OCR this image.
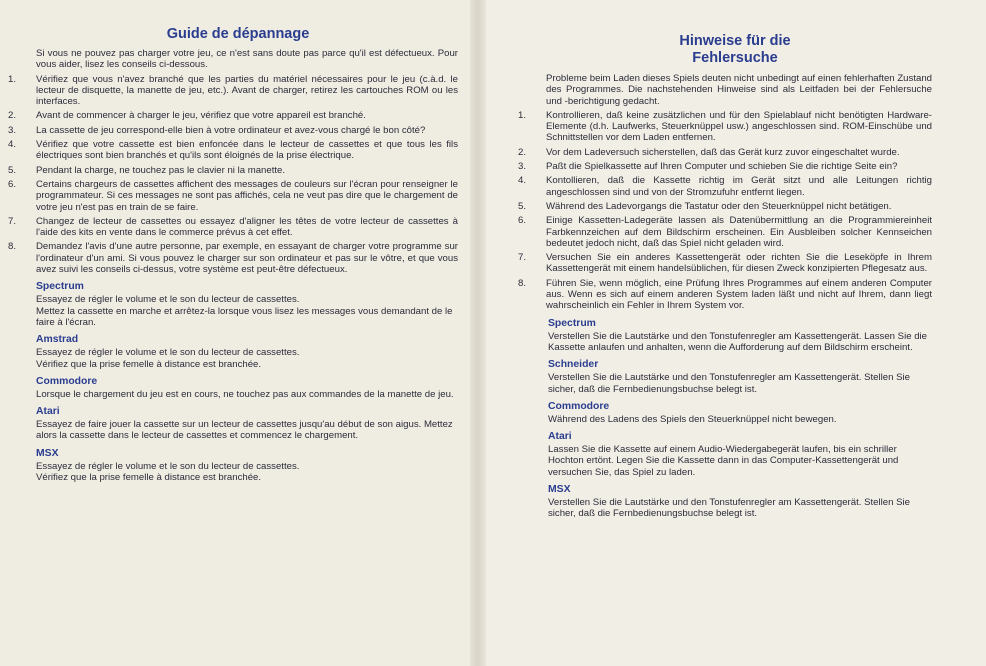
Guide de dépannage

Si vous ne pouvez pas charger votre jeu, ce n'est sans doute pas parce qu'il est défectueux. Pour vous aider, lisez les conseils ci-dessous.

1.	Vérifiez que vous n'avez branché que les parties du matériel nécessaires pour le jeu (c.à.d. le lecteur de disquette, la manette de jeu, etc.). Avant de charger, retirez les cartouches ROM ou les interfaces.
2.	Avant de commencer à charger le jeu, vérifiez que votre appareil est branché.
3.	La cassette de jeu correspond-elle bien à votre ordinateur et avez-vous chargé le bon côté?
4.	Vérifiez que votre cassette est bien enfoncée dans le lecteur de cassettes et que tous les fils électriques sont bien branchés et qu'ils sont éloignés de la prise électrique.
5.	Pendant la charge, ne touchez pas le clavier ni la manette.
6.	Certains chargeurs de cassettes affichent des messages de couleurs sur l'écran pour renseigner le programmateur. Si ces messages ne sont pas affichés, cela ne veut pas dire que le chargement de votre jeu n'est pas en train de se faire.
7.	Changez de lecteur de cassettes ou essayez d'aligner les têtes de votre lecteur de cassettes à l'aide des kits en vente dans le commerce prévus à cet effet.
8.	Demandez l'avis d'une autre personne, par exemple, en essayant de charger votre programme sur l'ordinateur d'un ami. Si vous pouvez le charger sur son ordinateur et pas sur le vôtre, et que vous avez suivi les conseils ci-dessus, votre système est peut-être défectueux.
Spectrum

Essayez de régler le volume et le son du lecteur de cassettes.

Mettez la cassette en marche et arrêtez-la lorsque vous lisez les messages vous demandant de le faire à l'écran.

Amstrad

Essayez de régler le volume et le son du lecteur de cassettes.

Vérifiez que la prise femelle à distance est branchée.

Commodore

Lorsque le chargement du jeu est en cours, ne touchez pas aux commandes de la manette de jeu.

Atari

Essayez de faire jouer la cassette sur un lecteur de cassettes jusqu'au début de son aigus. Mettez alors la cassette dans le lecteur de cassettes et commencez le chargement.

MSX

Essayez de régler le volume et le son du lecteur de cassettes.

Vérifiez que la prise femelle à distance est branchée.

Hinweise für die
Fehlersuche

Probleme beim Laden dieses Spiels deuten nicht unbedingt auf einen fehlerhaften Zustand des Programmes. Die nachstehenden Hinweise sind als Leitfaden bei der Fehlersuche und -berichtigung gedacht.

1.	Kontrollieren, daß keine zusätzlichen und für den Spielablauf nicht benötigten Hardware-Elemente (d.h. Laufwerks, Steuerknüppel usw.) angeschlossen sind. ROM-Einschübe und Schnittstellen vor dem Laden entfernen.
2.	Vor dem Ladeversuch sicherstellen, daß das Gerät kurz zuvor eingeschaltet wurde.
3.	Paßt die Spielkassette auf Ihren Computer und schieben Sie die richtige Seite ein?
4.	Kontollieren, daß die Kassette richtig im Gerät sitzt und alle Leitungen richtig angeschlossen sind und von der Stromzufuhr entfernt liegen.
5.	Während des Ladevorgangs die Tastatur oder den Steuerknüppel nicht betätigen.
6.	Einige Kassetten-Ladegeräte lassen als Datenübermittlung an die Programmiereinheit Farbkennzeichen auf dem Bildschirm erscheinen. Ein Ausbleiben solcher Kennseichen bedeutet jedoch nicht, daß das Spiel nicht geladen wird.
7.	Versuchen Sie ein anderes Kassettengerät oder richten Sie die Leseköpfe in Ihrem Kassettengerät mit einem handelsüblichen, für diesen Zweck konzipierten Pflegesatz aus.
8.	Führen Sie, wenn möglich, eine Prüfung Ihres Programmes auf einem anderen Computer aus. Wenn es sich auf einem anderen System laden läßt und nicht auf Ihrem, dann liegt wahrscheinlich ein Fehler in Ihrem System vor.
Spectrum

Verstellen Sie die Lautstärke und den Tonstufenregler am Kassettengerät. Lassen Sie die Kassette anlaufen und anhalten, wenn die Aufforderung auf dem Bildschirm erscheint.

Schneider

Verstellen Sie die Lautstärke und den Tonstufenregler am Kassettengerät. Stellen Sie sicher, daß die Fernbedienungsbuchse belegt ist.

Commodore

Während des Ladens des Spiels den Steuerknüppel nicht bewegen.

Atari

Lassen Sie die Kassette auf einem Audio-Wiedergabegerät laufen, bis ein schriller Hochton ertönt. Legen Sie die Kassette dann in das Computer-Kassettengerät und versuchen Sie, das Spiel zu laden.

MSX

Verstellen Sie die Lautstärke und den Tonstufenregler am Kassettengerät. Stellen Sie sicher, daß die Fernbedienungsbuchse belegt ist.
